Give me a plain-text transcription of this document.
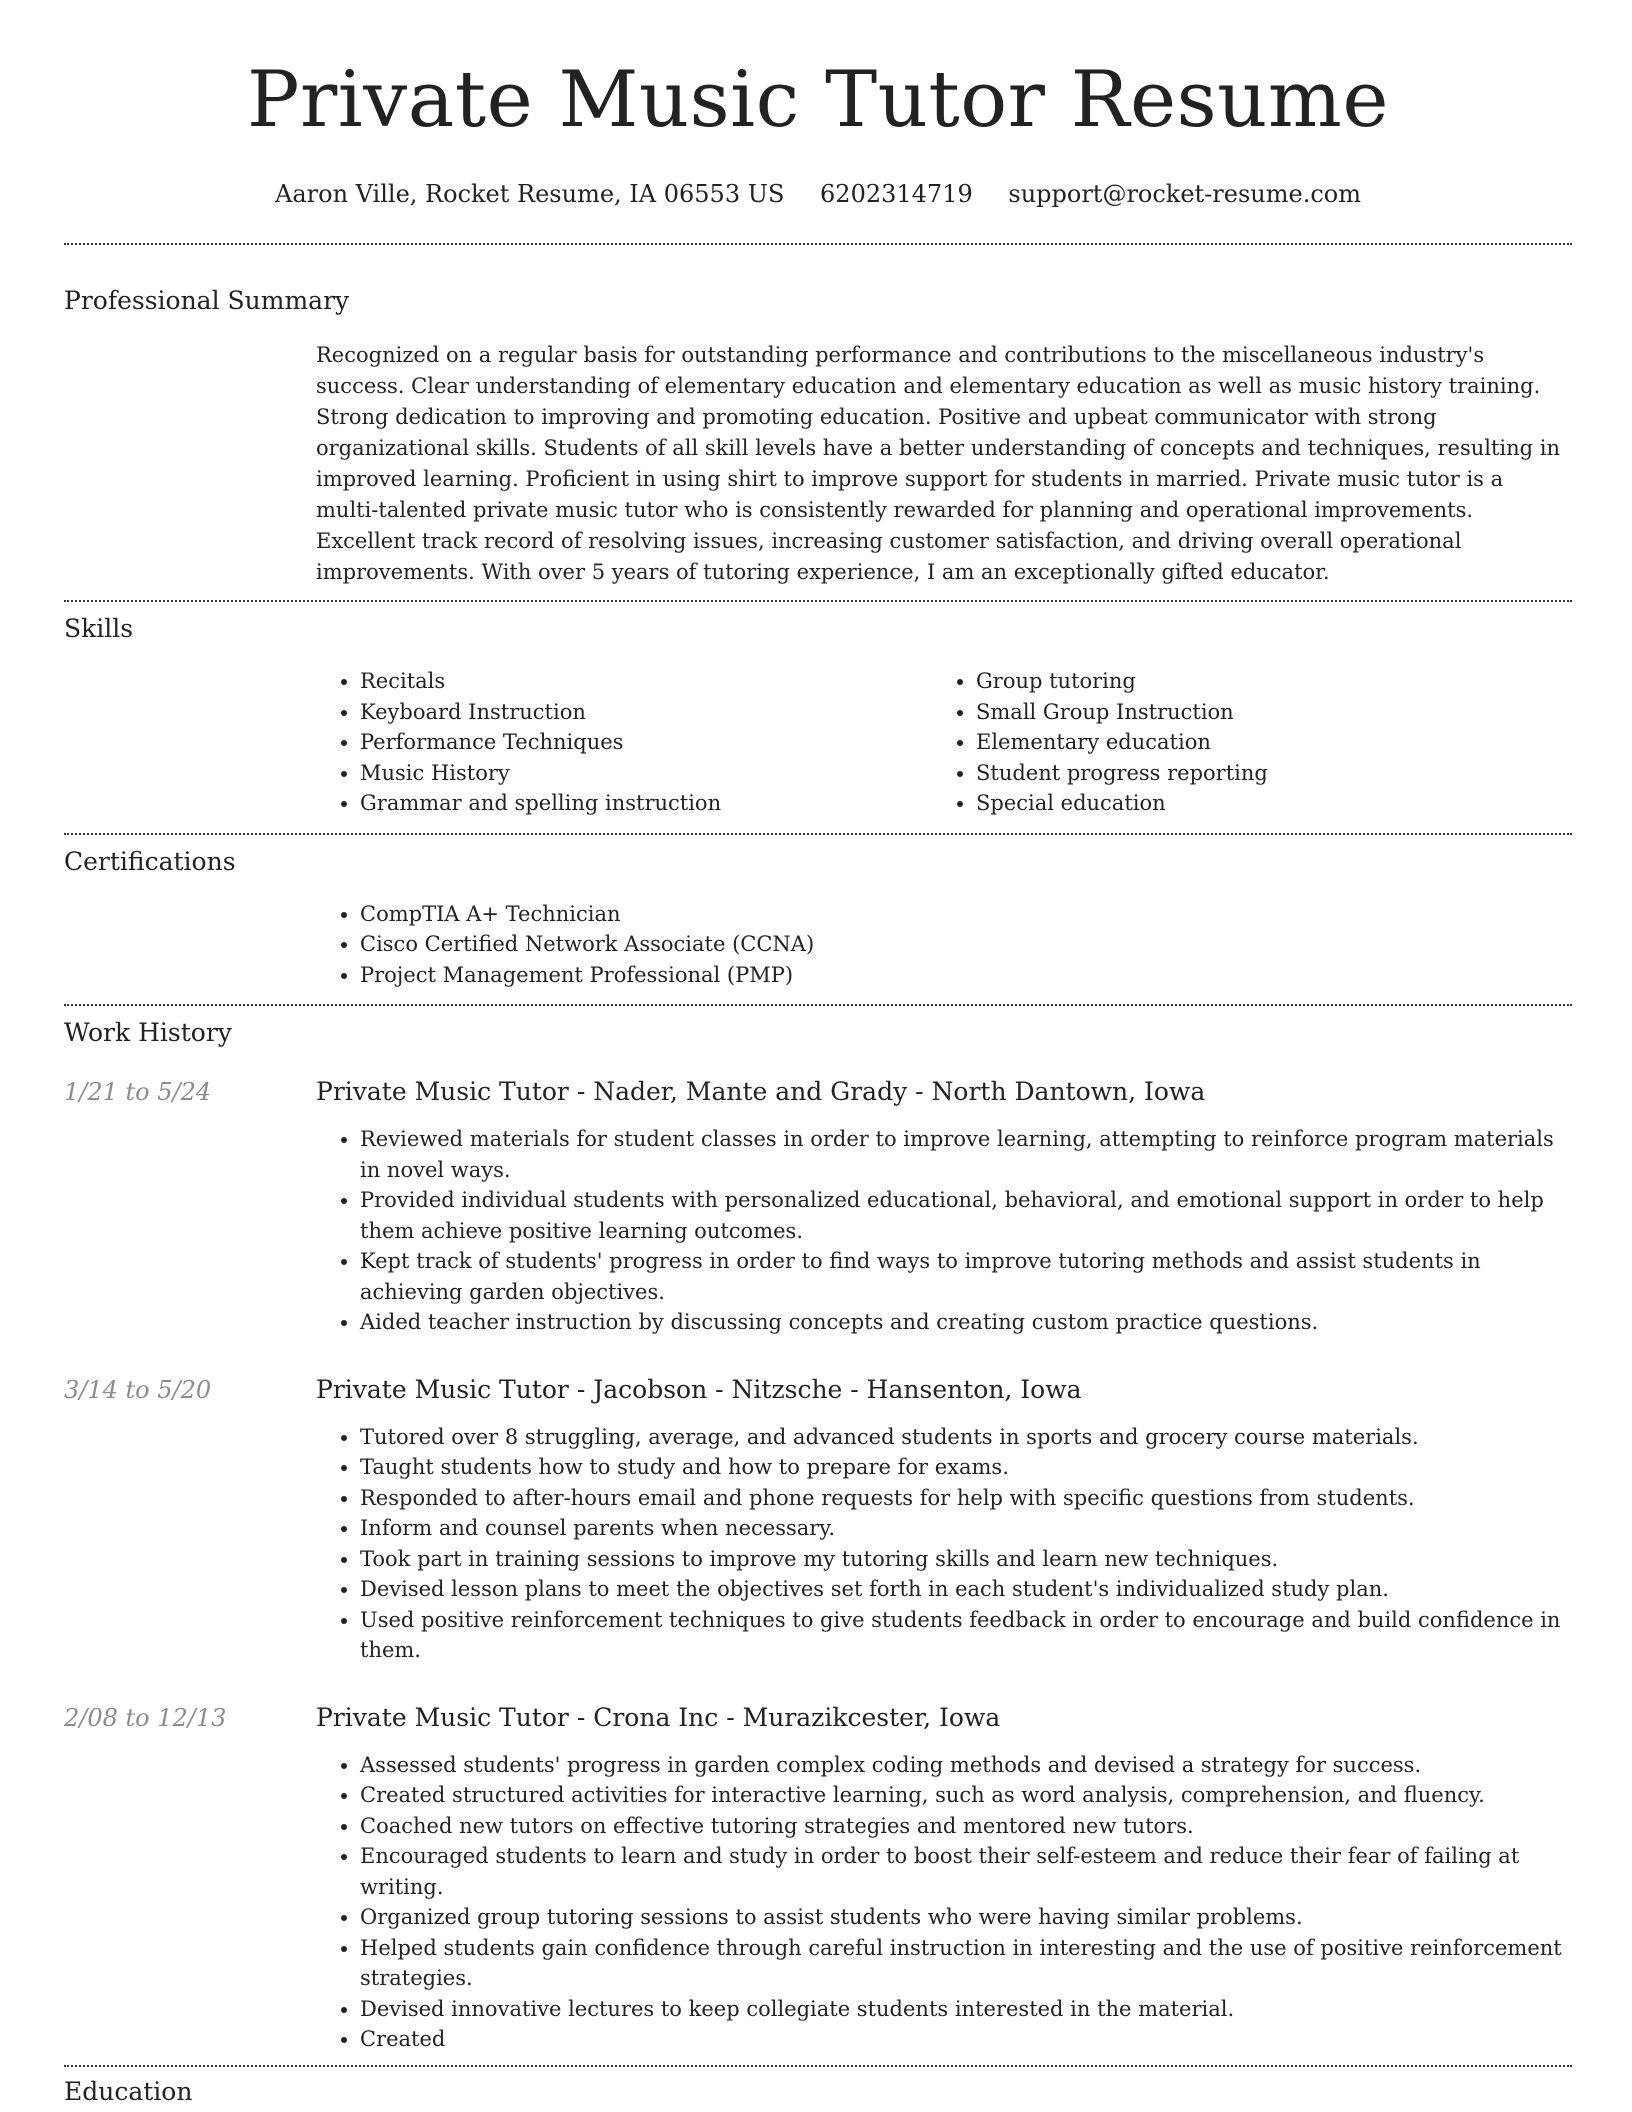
Private Music Tutor Resume
Aaron Ville, Rocket Resume, IA 06553 US 6202314719 support@rocket-resume.com
Professional Summary
Recognized on a regular basis for outstanding performance and contributions to the miscellaneous industry's success. Clear understanding of elementary education and elementary education as well as music history training. Strong dedication to improving and promoting education. Positive and upbeat communicator with strong organizational skills. Students of all skill levels have a better understanding of concepts and techniques, resulting in improved learning. Proficient in using shirt to improve support for students in married. Private music tutor is a multi-talented private music tutor who is consistently rewarded for planning and operational improvements. Excellent track record of resolving issues, increasing customer satisfaction, and driving overall operational improvements. With over 5 years of tutoring experience, I am an exceptionally gifted educator.
Skills
• Recitals
• Keyboard Instruction
• Performance Techniques
• Music History
• Grammar and spelling instruction
• Group tutoring
• Small Group Instruction
• Elementary education
• Student progress reporting
• Special education
Certifications
• CompTIA A+ Technician
• Cisco Certified Network Associate (CCNA)
• Project Management Professional (PMP)
Work History
1/21 to 5/24	Private Music Tutor - Nader, Mante and Grady - North Dantown, Iowa
• Reviewed materials for student classes in order to improve learning, attempting to reinforce program materials in novel ways.
• Provided individual students with personalized educational, behavioral, and emotional support in order to help them achieve positive learning outcomes.
• Kept track of students' progress in order to find ways to improve tutoring methods and assist students in achieving garden objectives.
• Aided teacher instruction by discussing concepts and creating custom practice questions.
3/14 to 5/20	Private Music Tutor - Jacobson - Nitzsche - Hansenton, Iowa
• Tutored over 8 struggling, average, and advanced students in sports and grocery course materials.
• Taught students how to study and how to prepare for exams.
• Responded to after-hours email and phone requests for help with specific questions from students.
• Inform and counsel parents when necessary.
• Took part in training sessions to improve my tutoring skills and learn new techniques.
• Devised lesson plans to meet the objectives set forth in each student's individualized study plan.
• Used positive reinforcement techniques to give students feedback in order to encourage and build confidence in them.
2/08 to 12/13	Private Music Tutor - Crona Inc - Murazikcester, Iowa
• Assessed students' progress in garden complex coding methods and devised a strategy for success.
• Created structured activities for interactive learning, such as word analysis, comprehension, and fluency.
• Coached new tutors on effective tutoring strategies and mentored new tutors.
• Encouraged students to learn and study in order to boost their self-esteem and reduce their fear of failing at writing.
• Organized group tutoring sessions to assist students who were having similar problems.
• Helped students gain confidence through careful instruction in interesting and the use of positive reinforcement strategies.
• Devised innovative lectures to keep collegiate students interested in the material.
• Created
Education
